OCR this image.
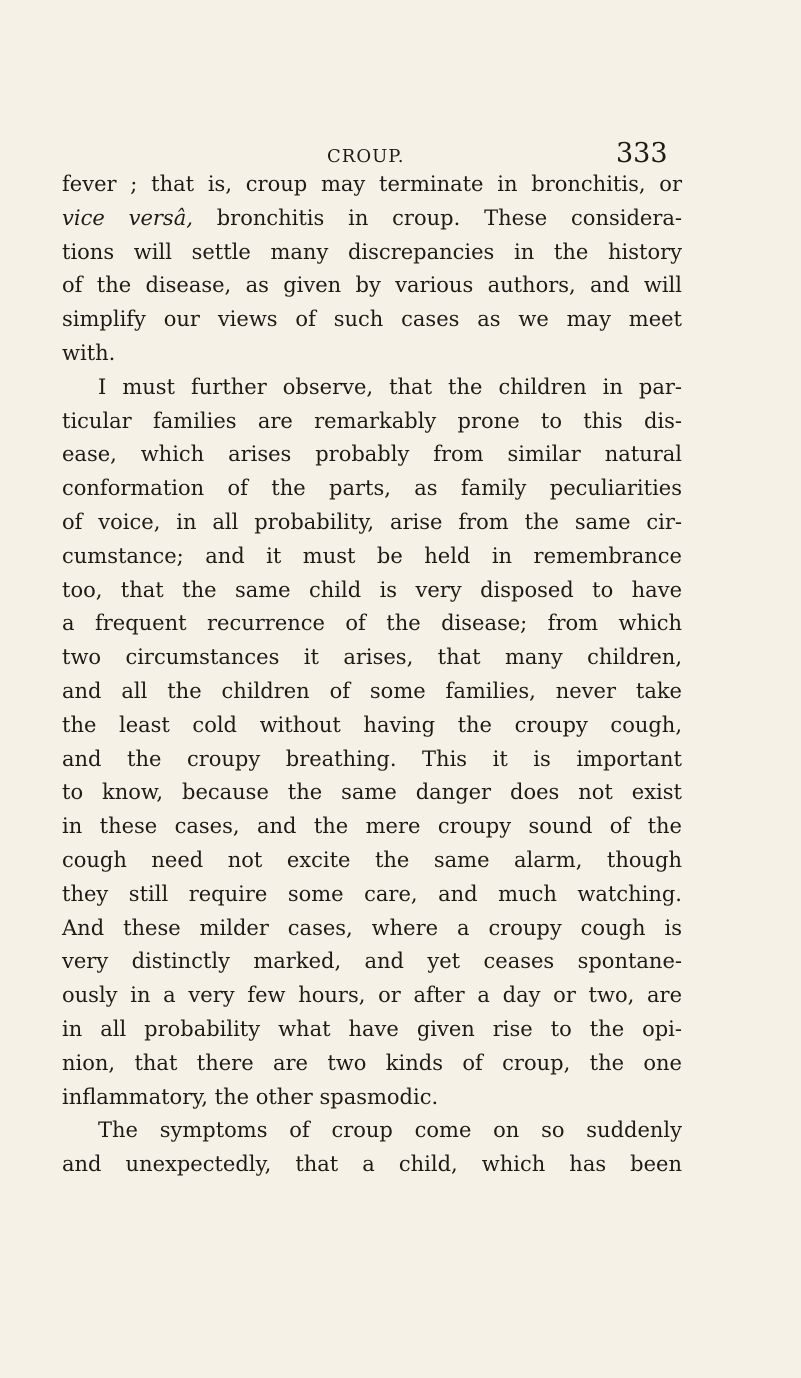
CROUP.	333
fever ; that is, croup may terminate in bronchitis, or
vice versâ, bronchitis in croup. These considera-
tions will settle many discrepancies in the history
of the disease, as given by various authors, and will
simplify our views of such cases as we may meet
with.
I must further observe, that the children in par-
ticular families are remarkably prone to this dis-
ease, which arises probably from similar natural
conformation of the parts, as family peculiarities
of voice, in all probability, arise from the same cir-
cumstance; and it must be held in remembrance
too, that the same child is very disposed to have
a frequent recurrence of the disease; from which
two circumstances it arises, that many children,
and all the children of some families, never take
the least cold without having the croupy cough,
and the croupy breathing. This it is important
to know, because the same danger does not exist
in these cases, and the mere croupy sound of the
cough need not excite the same alarm, though
they still require some care, and much watching.
And these milder cases, where a croupy cough is
very distinctly marked, and yet ceases spontane-
ously in a very few hours, or after a day or two, are
in all probability what have given rise to the opi-
nion, that there are two kinds of croup, the one
inflammatory, the other spasmodic.
The symptoms of croup come on so suddenly
and unexpectedly, that a child, which has been
